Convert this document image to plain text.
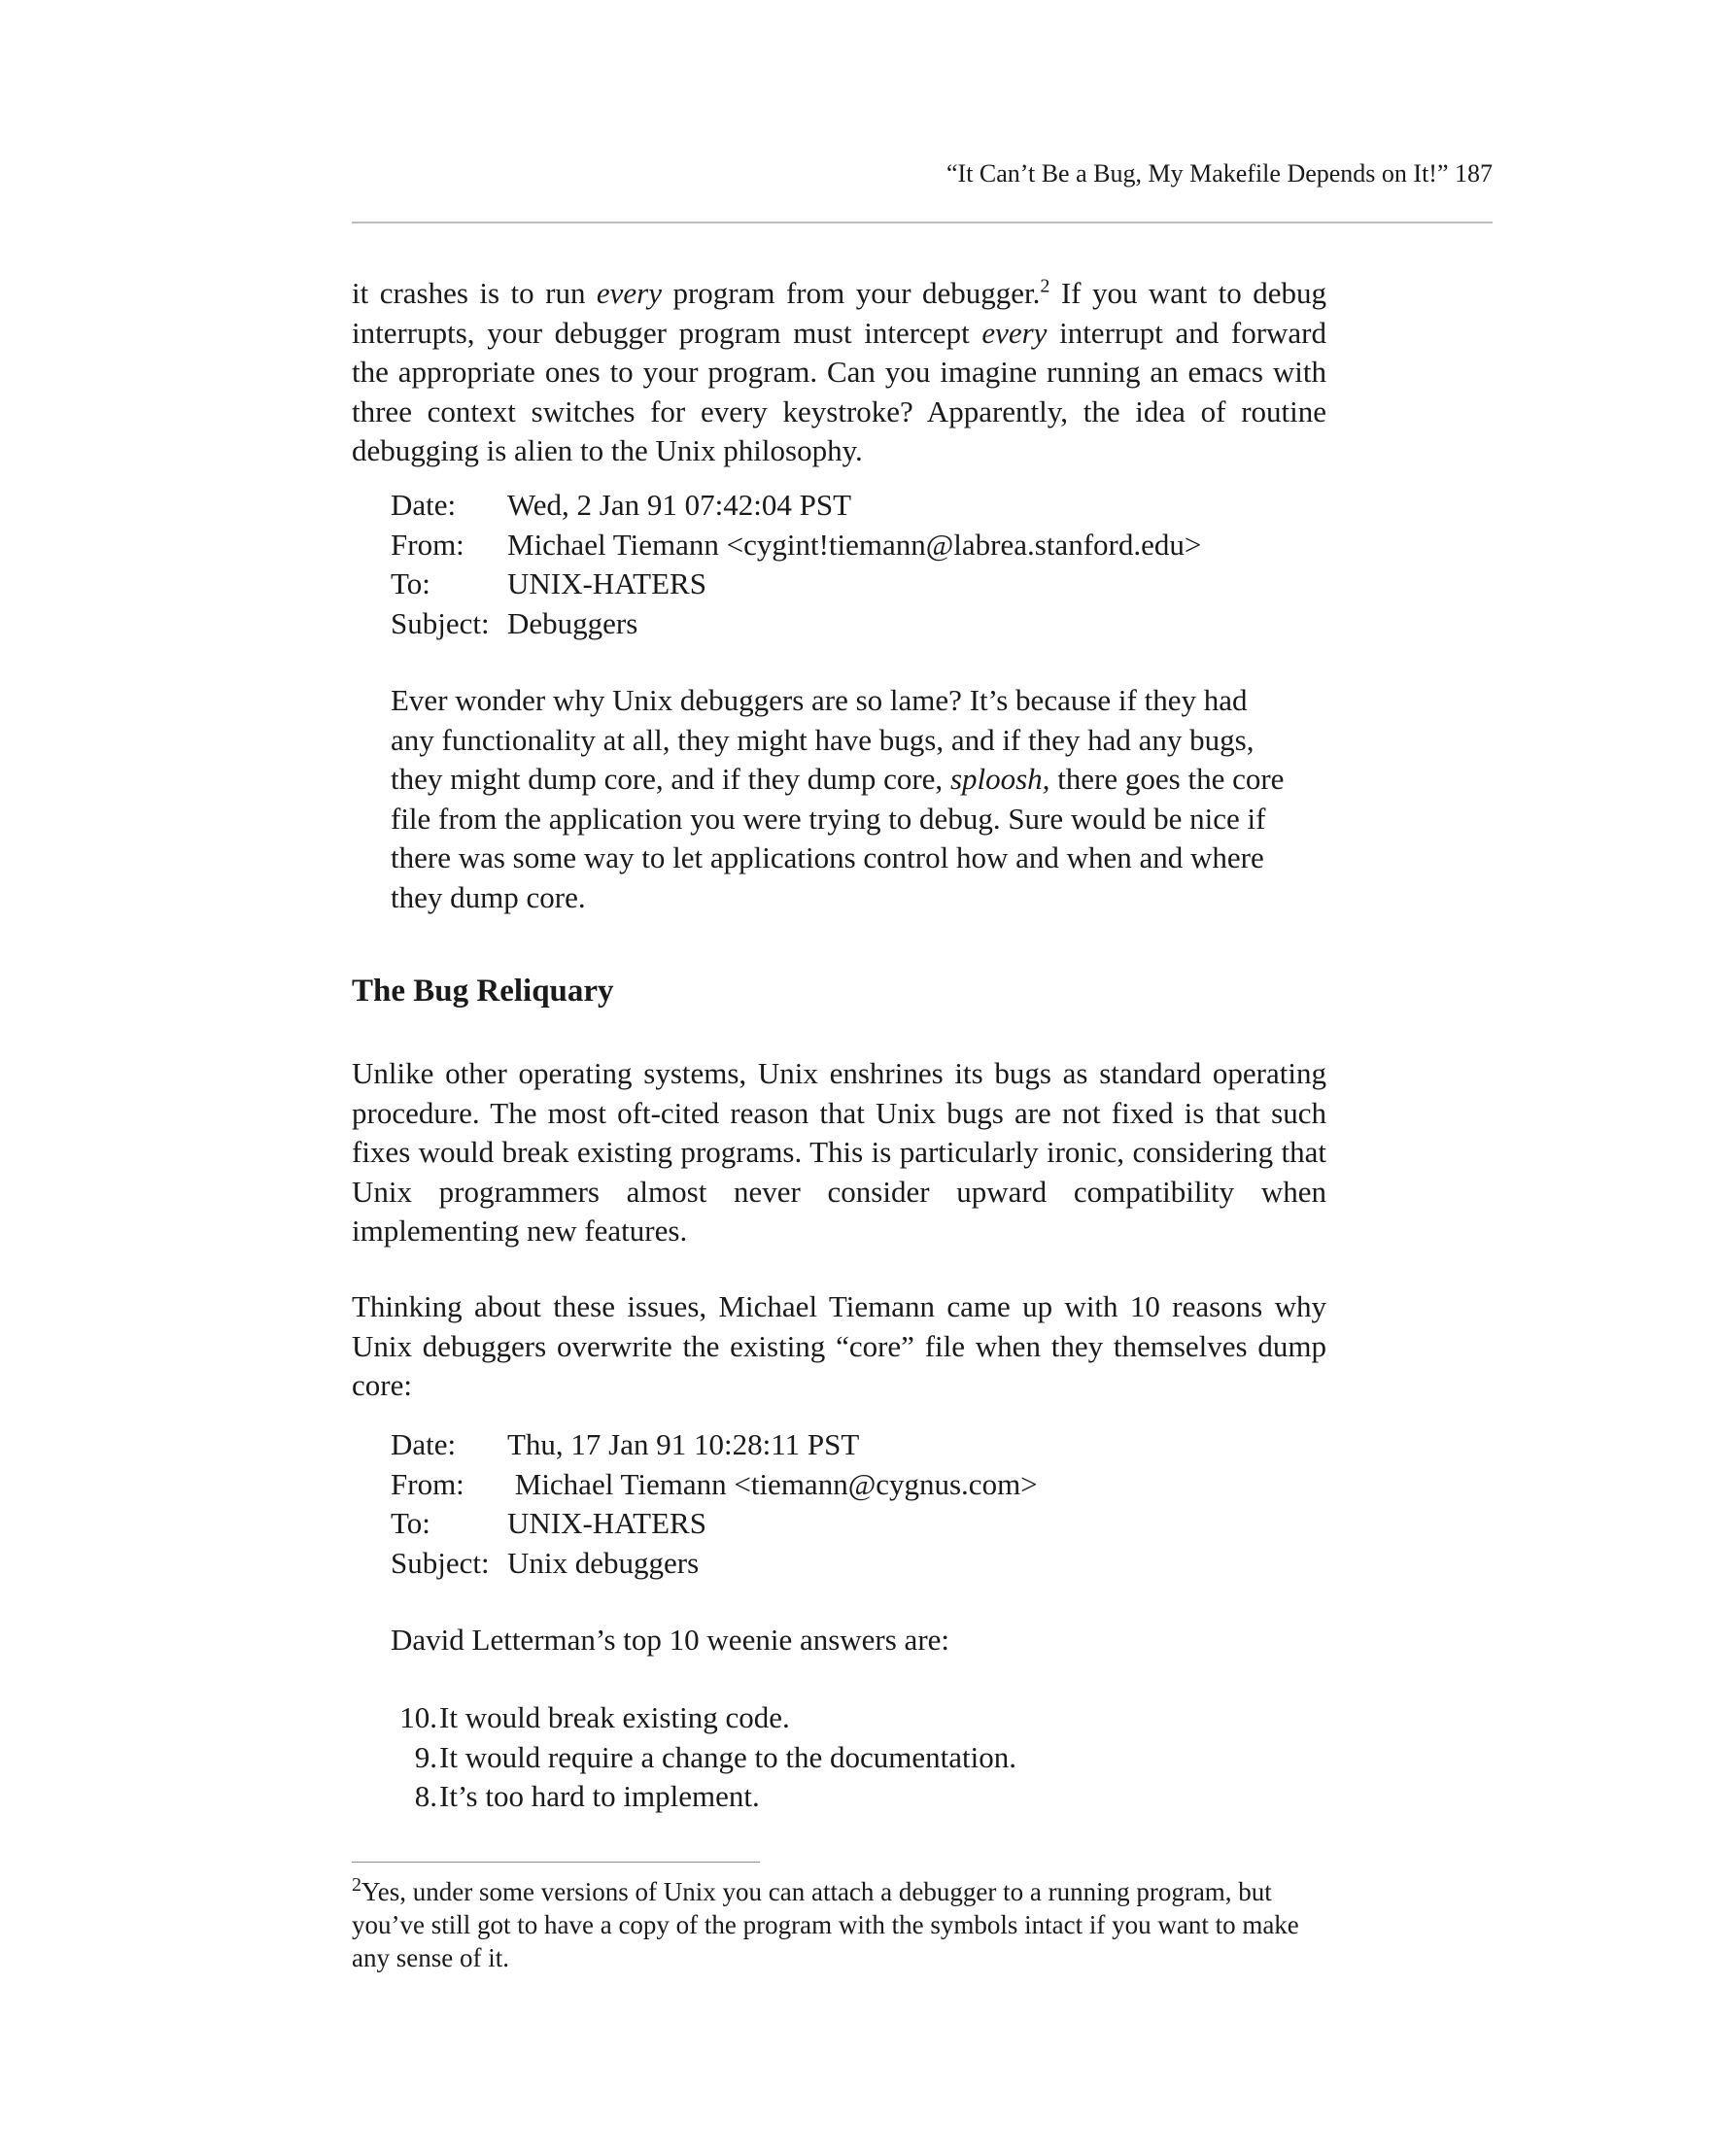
“It Can’t Be a Bug, My Makefile Depends on It!” 187

it crashes is to run every program from your debugger.$^2$ If you want to debug interrupts, your debugger program must intercept every interrupt and forward the appropriate ones to your program. Can you imagine running an emacs with three context switches for every keystroke? Apparently, the idea of routine debugging is alien to the Unix philosophy.

Date: Wed, 2 Jan 91 07:42:04 PST
From: Michael Tiemann <cygint!tiemann@labrea.stanford.edu>
To:	UNIX-HATERS
Subject: Debuggers

Ever wonder why Unix debuggers are so lame? It’s because if they had any functionality at all, they might have bugs, and if they had any bugs, they might dump core, and if they dump core, sploosh, there goes the core file from the application you were trying to debug. Sure would be nice if there was some way to let applications control how and when and where they dump core.

The Bug Reliquary

Unlike other operating systems, Unix enshrines its bugs as standard operating procedure. The most oft-cited reason that Unix bugs are not fixed is that such fixes would break existing programs. This is particularly ironic, considering that Unix programmers almost never consider upward compatibility when implementing new features.

Thinking about these issues, Michael Tiemann came up with 10 reasons why Unix debuggers overwrite the existing “core” file when they themselves dump core:

Date: Thu, 17 Jan 91 10:28:11 PST
From: Michael Tiemann <tiemann@cygnus.com>
To:	UNIX-HATERS
Subject: Unix debuggers
David Letterman’s top 10 weenie answers are:
10. It would break existing code.
9. It would require a change to the documentation.
8. It’s too hard to implement.
$^2$Yes, under some versions of Unix you can attach a debugger to a running program, but you’ve still got to have a copy of the program with the symbols intact if you want to make any sense of it.
